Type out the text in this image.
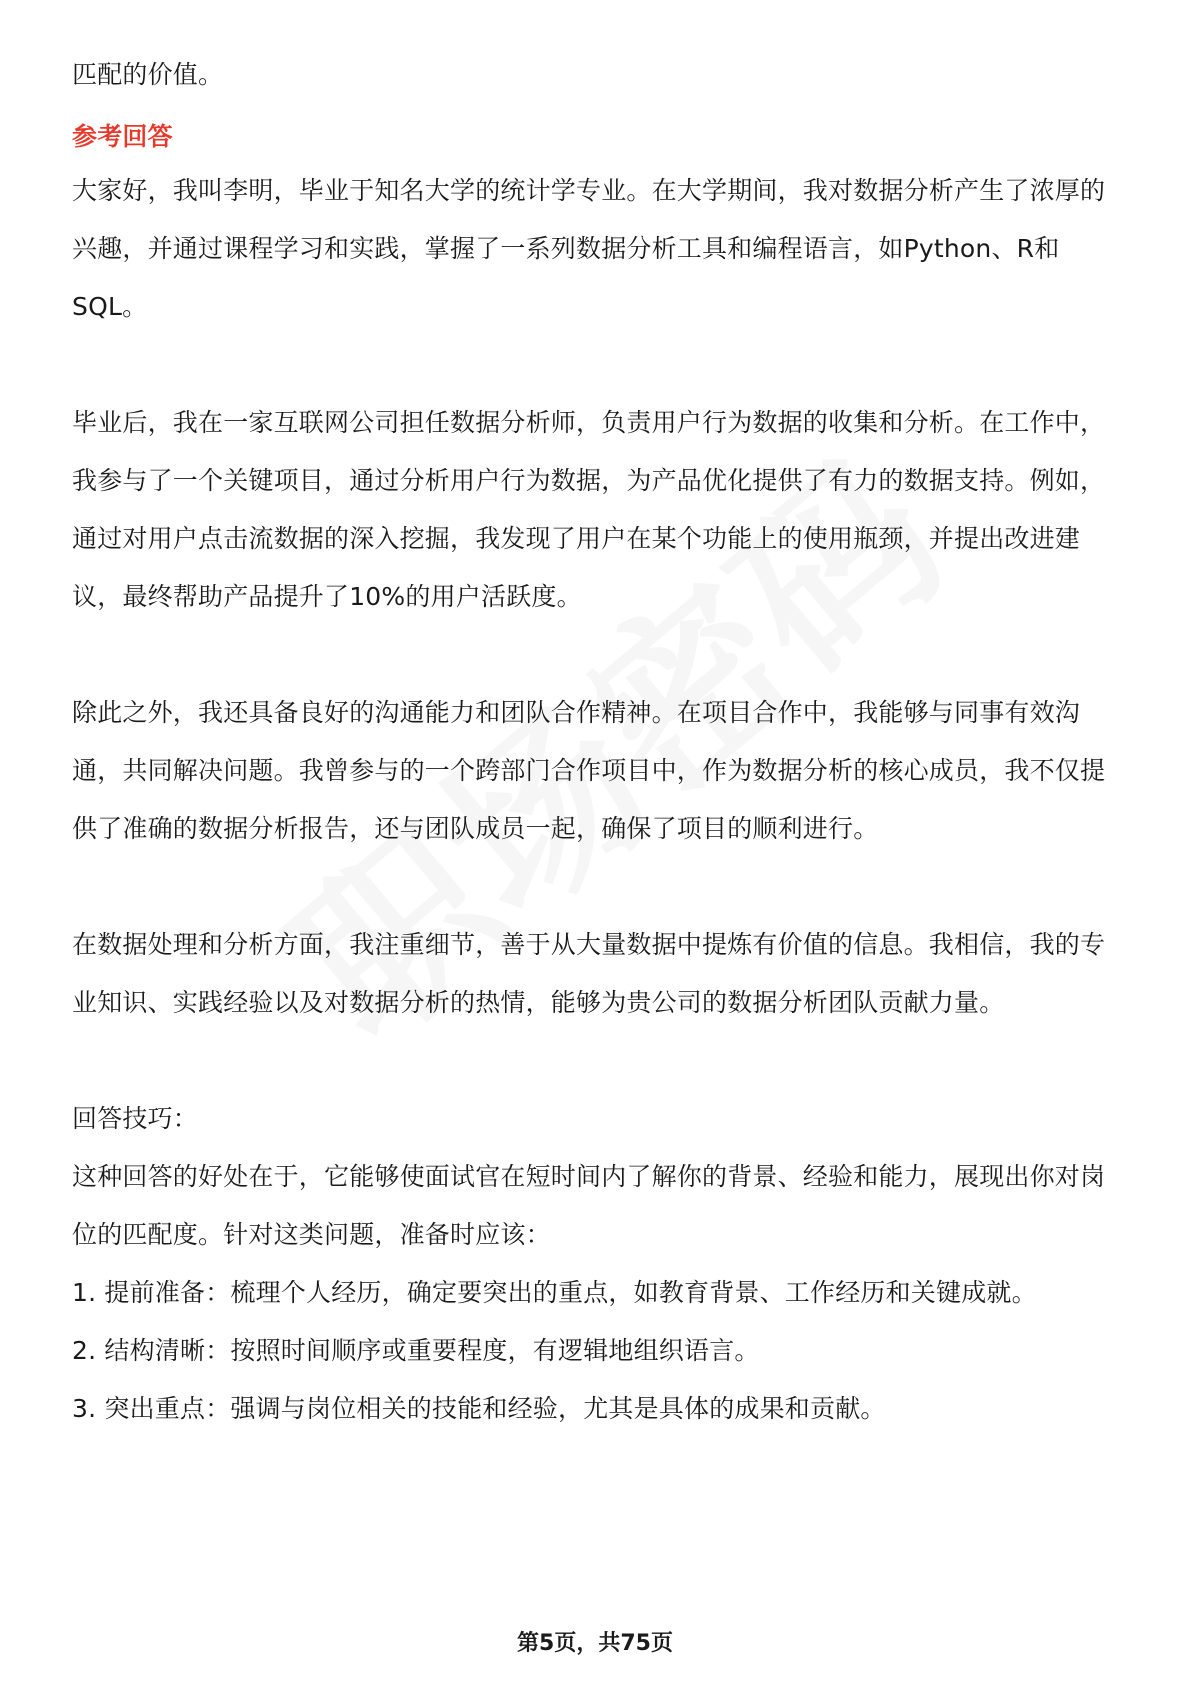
匹配的价值。

参考回答

大家好，我叫李明，毕业于知名大学的统计学专业。在大学期间，我对数据分析产生了浓厚的兴趣，并通过课程学习和实践，掌握了一系列数据分析工具和编程语言，如Python、R和SQL。

毕业后，我在一家互联网公司担任数据分析师，负责用户行为数据的收集和分析。在工作中，我参与了一个关键项目，通过分析用户行为数据，为产品优化提供了有力的数据支持。例如，通过对用户点击流数据的深入挖掘，我发现了用户在某个功能上的使用瓶颈，并提出改进建议，最终帮助产品提升了10%的用户活跃度。

除此之外，我还具备良好的沟通能力和团队合作精神。在项目合作中，我能够与同事有效沟通，共同解决问题。我曾参与的一个跨部门合作项目中，作为数据分析的核心成员，我不仅提供了准确的数据分析报告，还与团队成员一起，确保了项目的顺利进行。

在数据处理和分析方面，我注重细节，善于从大量数据中提炼有价值的信息。我相信，我的专业知识、实践经验以及对数据分析的热情，能够为贵公司的数据分析团队贡献力量。

回答技巧：

这种回答的好处在于，它能够使面试官在短时间内了解你的背景、经验和能力，展现出你对岗位的匹配度。针对这类问题，准备时应该：

1. 提前准备：梳理个人经历，确定要突出的重点，如教育背景、工作经历和关键成就。

2. 结构清晰：按照时间顺序或重要程度，有逻辑地组织语言。

3. 突出重点：强调与岗位相关的技能和经验，尤其是具体的成果和贡献。

第5页，共75页
